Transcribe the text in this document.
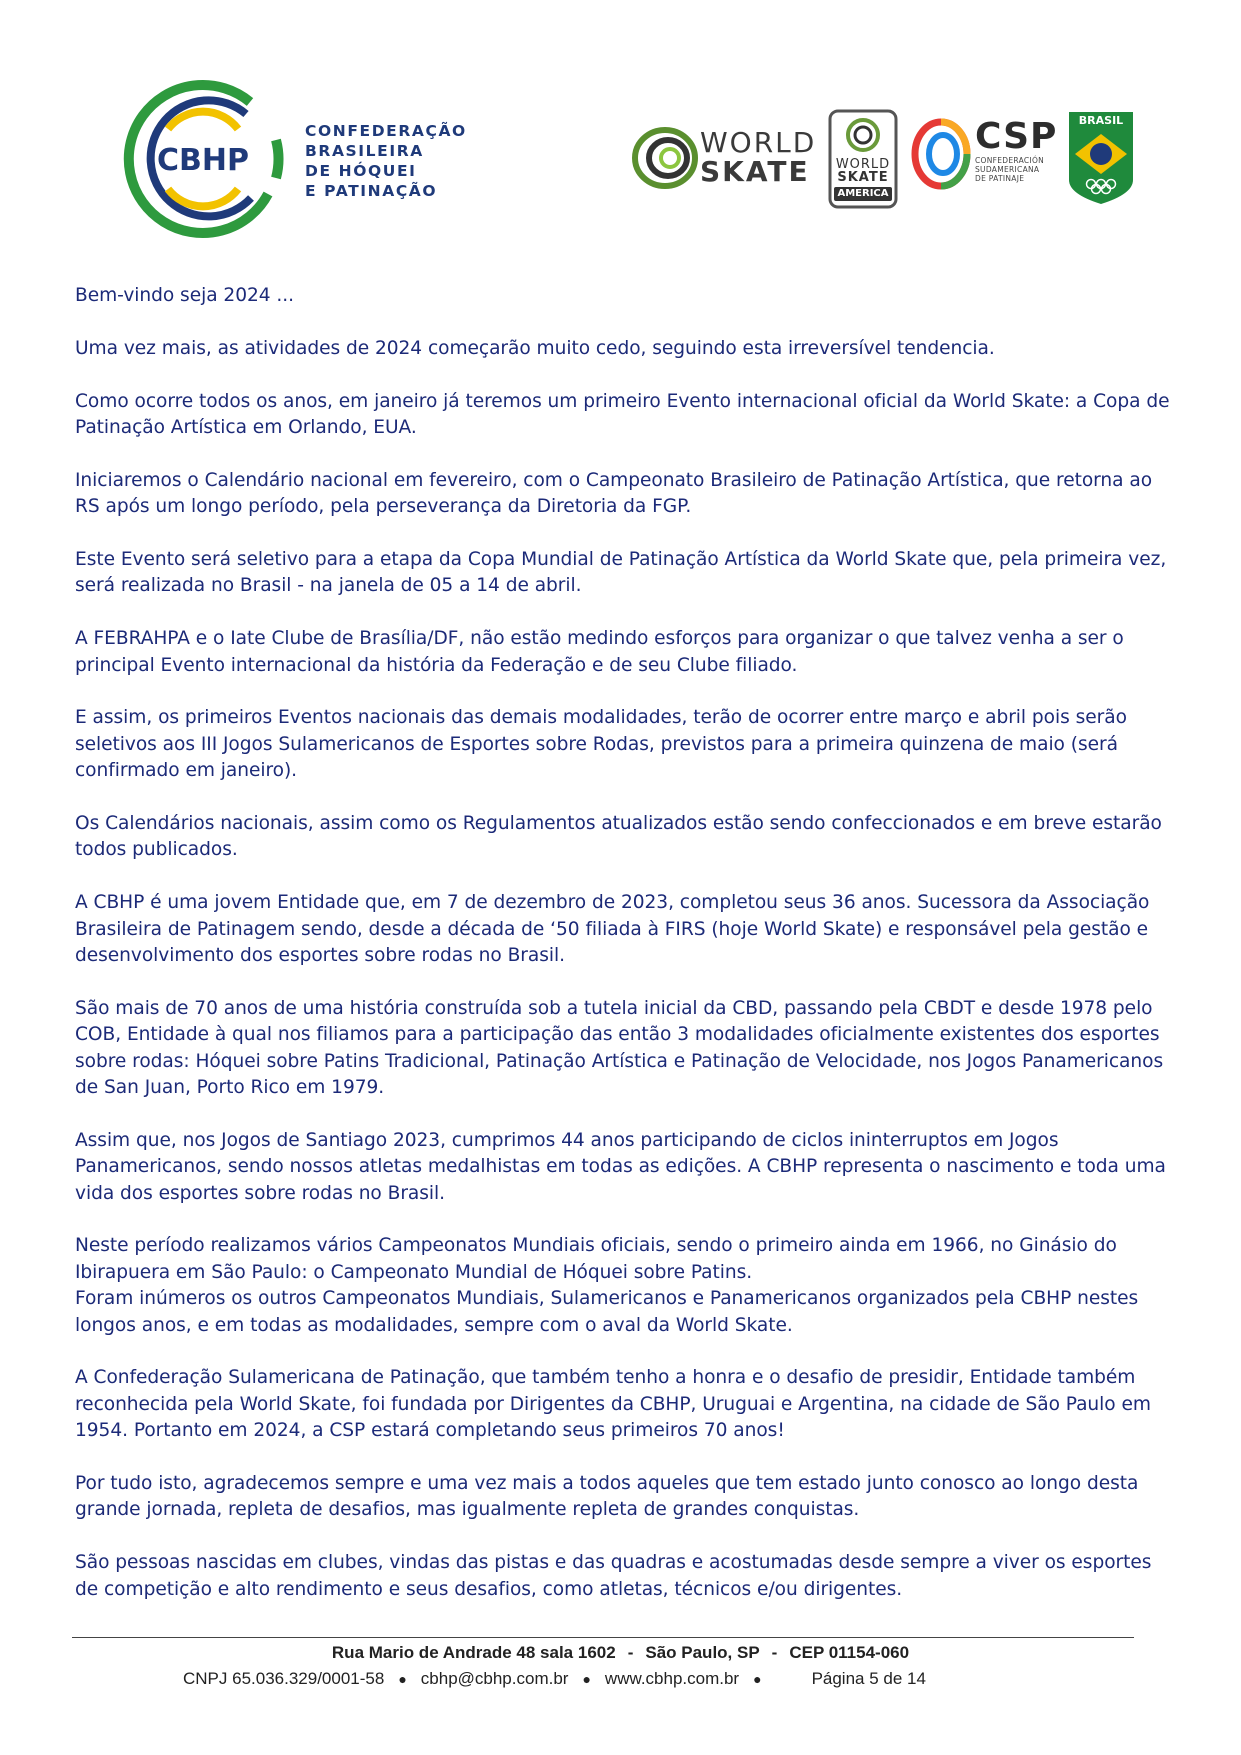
CBHP
CONFEDERAÇÃO
BRASILEIRA
DE HÓQUEI
E PATINAÇÃO
WORLD
SKATE	WORLD
SKATE
AMERICA
CSP
CONFEDERACIÓN
SUDAMERICANA
DE PATINAJE
BRASIL

Bem-vindo seja 2024 ...

Uma vez mais, as atividades de 2024 começarão muito cedo, seguindo esta irreversível tendencia.

Como ocorre todos os anos, em janeiro já teremos um primeiro Evento internacional oficial da World Skate: a Copa de Patinação Artística em Orlando, EUA.

Iniciaremos o Calendário nacional em fevereiro, com o Campeonato Brasileiro de Patinação Artística, que retorna ao RS após um longo período, pela perseverança da Diretoria da FGP.

Este Evento será seletivo para a etapa da Copa Mundial de Patinação Artística da World Skate que, pela primeira vez, será realizada no Brasil - na janela de 05 a 14 de abril.

A FEBRAHPA e o Iate Clube de Brasília/DF, não estão medindo esforços para organizar o que talvez venha a ser o principal Evento internacional da história da Federação e de seu Clube filiado.

E assim, os primeiros Eventos nacionais das demais modalidades, terão de ocorrer entre março e abril pois serão seletivos aos III Jogos Sulamericanos de Esportes sobre Rodas, previstos para a primeira quinzena de maio (será confirmado em janeiro).

Os Calendários nacionais, assim como os Regulamentos atualizados estão sendo confeccionados e em breve estarão todos publicados.

A CBHP é uma jovem Entidade que, em 7 de dezembro de 2023, completou seus 36 anos. Sucessora da Associação Brasileira de Patinagem sendo, desde a década de ‘50 filiada à FIRS (hoje World Skate) e responsável pela gestão e desenvolvimento dos esportes sobre rodas no Brasil.

São mais de 70 anos de uma história construída sob a tutela inicial da CBD, passando pela CBDT e desde 1978 pelo COB, Entidade à qual nos filiamos para a participação das então 3 modalidades oficialmente existentes dos esportes sobre rodas: Hóquei sobre Patins Tradicional, Patinação Artística e Patinação de Velocidade, nos Jogos Panamericanos de San Juan, Porto Rico em 1979.

Assim que, nos Jogos de Santiago 2023, cumprimos 44 anos participando de ciclos ininterruptos em Jogos Panamericanos, sendo nossos atletas medalhistas em todas as edições. A CBHP representa o nascimento e toda uma vida dos esportes sobre rodas no Brasil.

Neste período realizamos vários Campeonatos Mundiais oficiais, sendo o primeiro ainda em 1966, no Ginásio do Ibirapuera em São Paulo: o Campeonato Mundial de Hóquei sobre Patins.

Foram inúmeros os outros Campeonatos Mundiais, Sulamericanos e Panamericanos organizados pela CBHP nestes longos anos, e em todas as modalidades, sempre com o aval da World Skate.

A Confederação Sulamericana de Patinação, que também tenho a honra e o desafio de presidir, Entidade também reconhecida pela World Skate, foi fundada por Dirigentes da CBHP, Uruguai e Argentina, na cidade de São Paulo em 1954. Portanto em 2024, a CSP estará completando seus primeiros 70 anos!

Por tudo isto, agradecemos sempre e uma vez mais a todos aqueles que tem estado junto conosco ao longo desta grande jornada, repleta de desafios, mas igualmente repleta de grandes conquistas.

São pessoas nascidas em clubes, vindas das pistas e das quadras e acostumadas desde sempre a viver os esportes de competição e alto rendimento e seus desafios, como atletas, técnicos e/ou dirigentes.

Rua Mario de Andrade 48 sala 1602 - São Paulo, SP - CEP 01154-060
CNPJ 65.036.329/0001-58 ● cbhp@cbhp.com.br ● www.cbhp.com.br ●	Página 5 de 14
